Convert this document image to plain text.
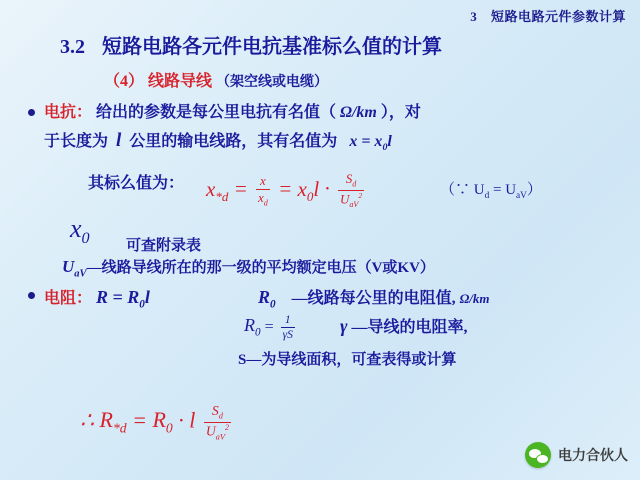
3 短路电路元件参数计算
3.2 短路电路各元件电抗基准标么值的计算
（4） 线路导线 （架空线或电缆）
电抗： 给出的参数是每公里电抗有名值（ Ω/km ），对
于长度为 l 公里的输电线路，其有名值为 $x = x_0l$
其标么值为： $x_{*d} = \frac{x}{x_d} = x_0l \cdot \frac{S_d}{U_{aV}^2}$	（∵ $U_d = U_{aV}$）
$x_0$ 可查附录表
$U_{aV}—$线路导线所在的那一级的平均额定电压（V或KV）
电阻： $R = R_0l$	$R_0$ —线路每公里的电阻值, Ω/km
$R_0 = \frac{1}{\gamma S}$	γ —导线的电阻率,
S—为导线面积，可查表得或计算
∴ $R_{*d} = R_0 \cdot l \frac{S_d}{U_{aV}^2}$
电力合伙人
